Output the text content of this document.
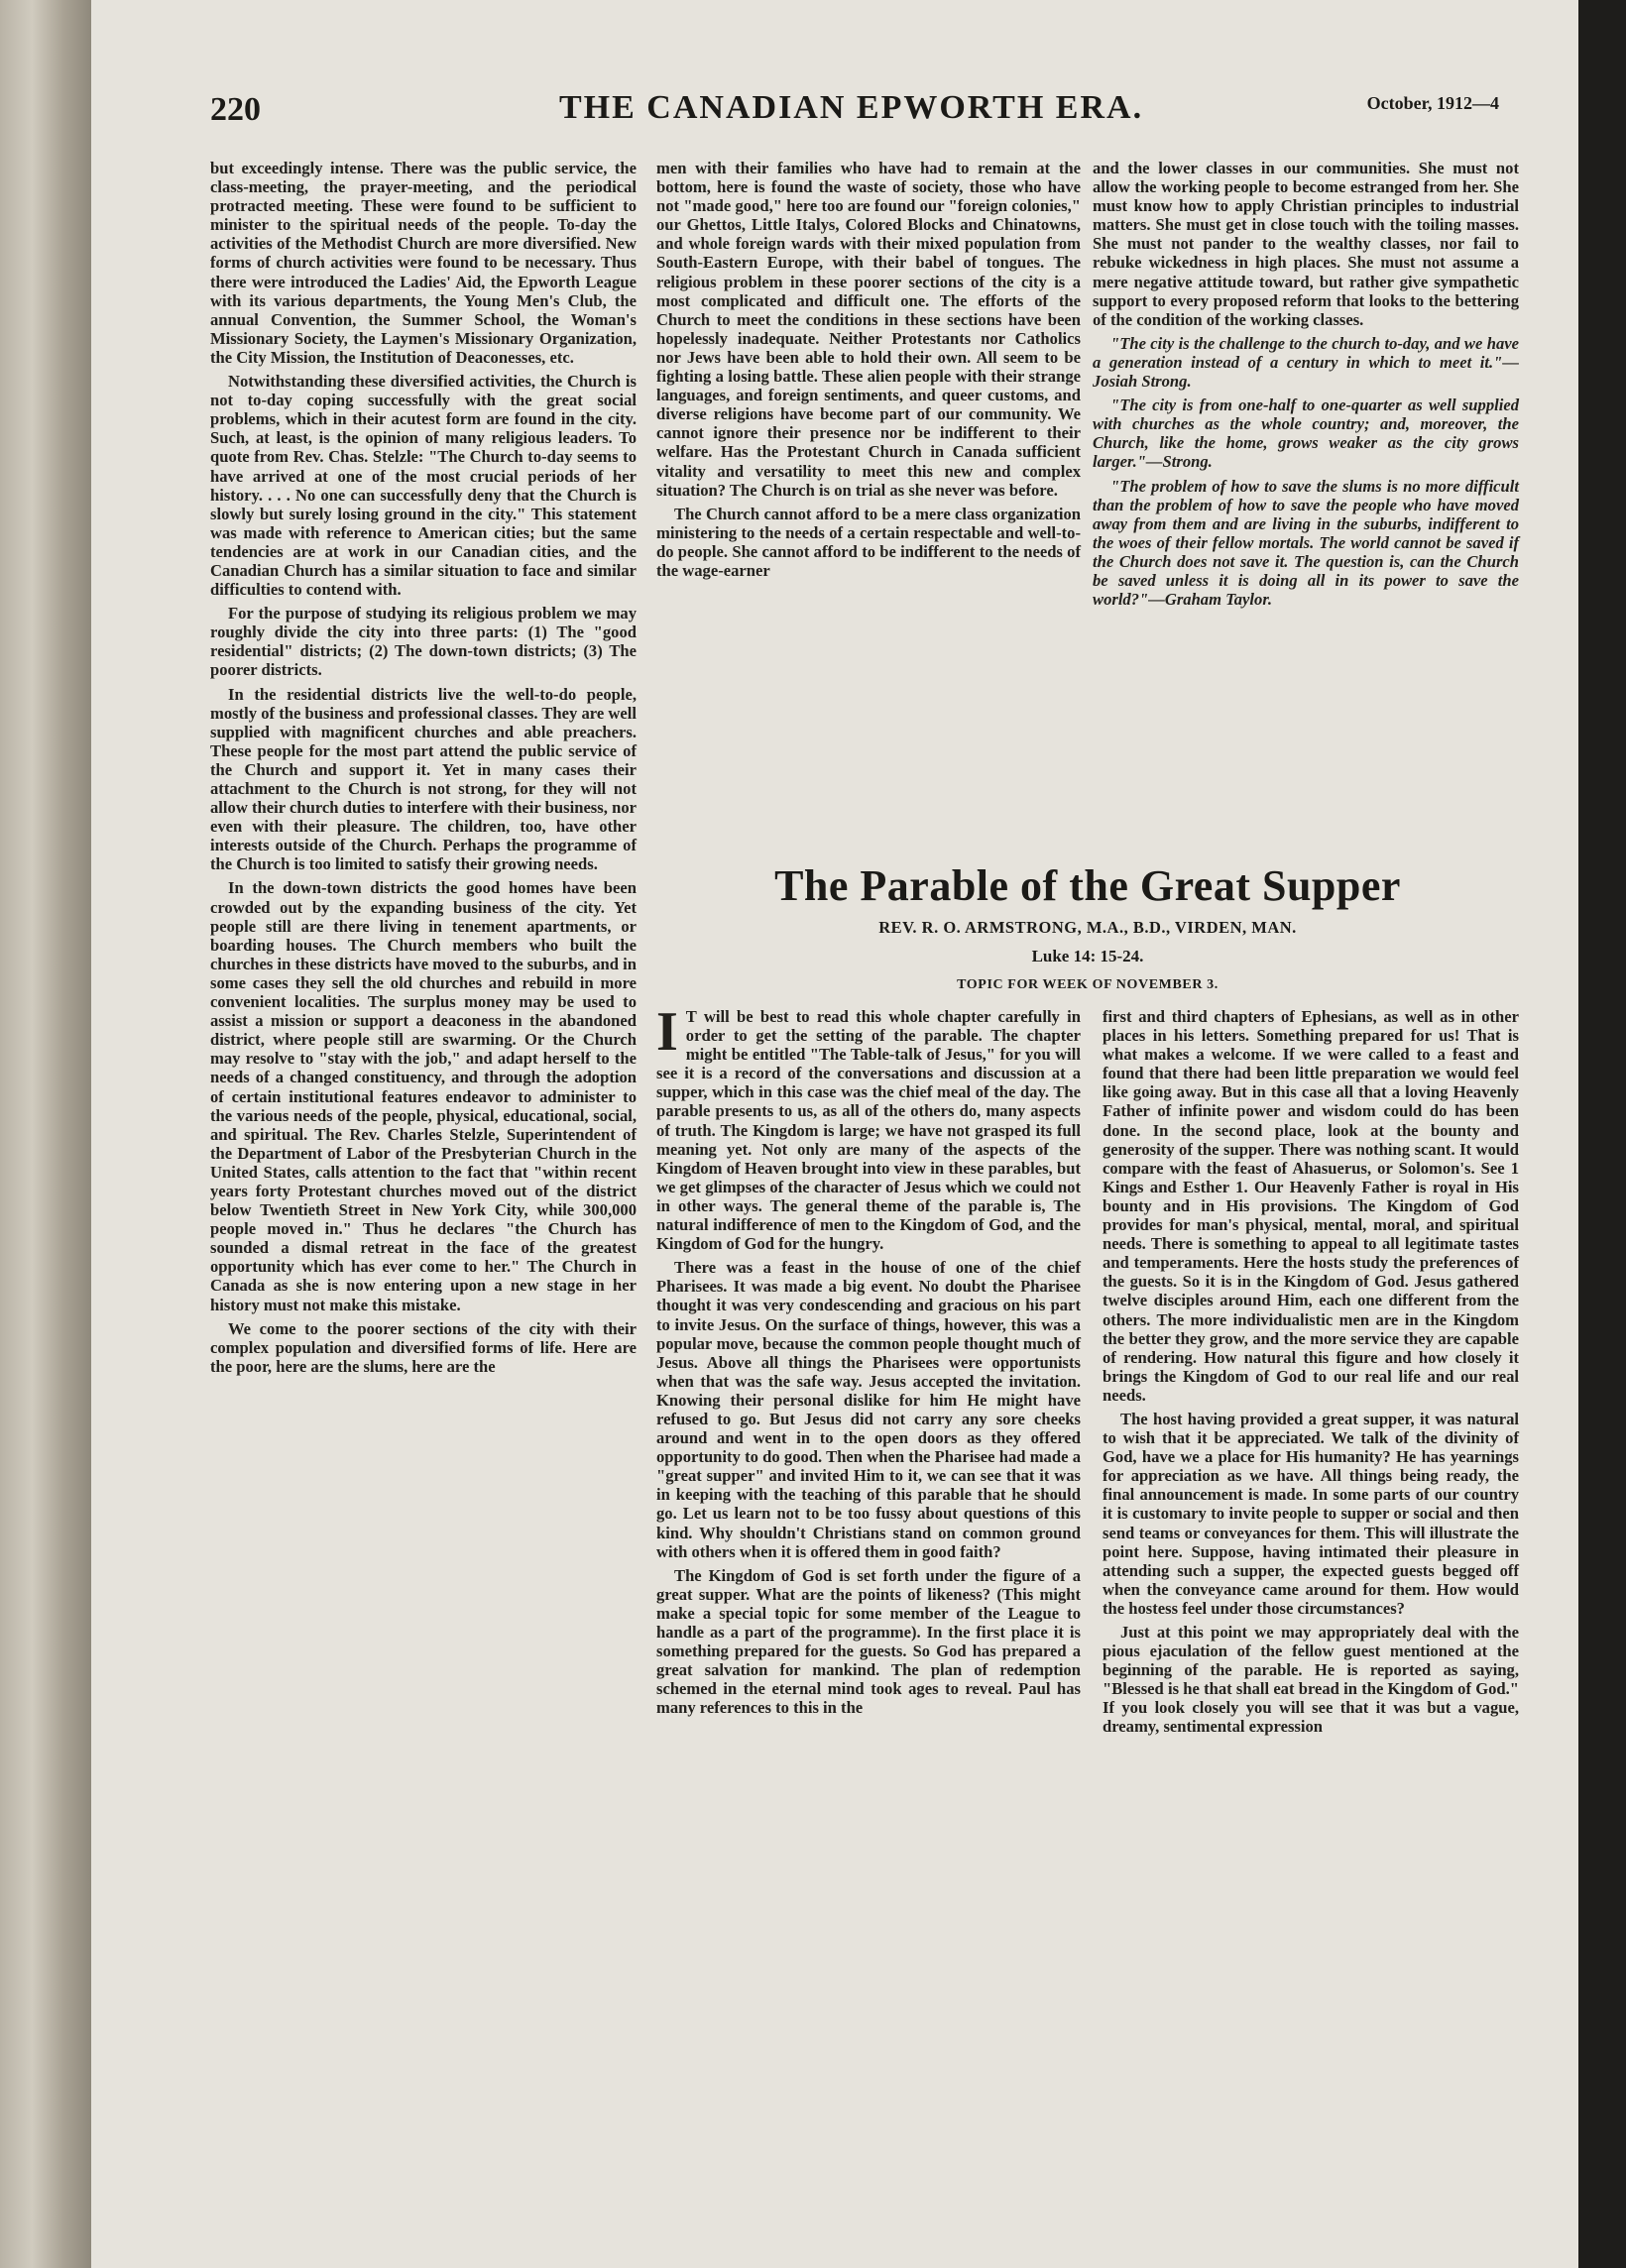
220	THE CANADIAN EPWORTH ERA.	October, 1912—4

but exceedingly intense. There was the public service, the class-meeting, the prayer-meeting, and the periodical protracted meeting. These were found to be sufficient to minister to the spiritual needs of the people. To-day the activities of the Methodist Church are more diversified. New forms of church activities were found to be necessary. Thus there were introduced the Ladies' Aid, the Epworth League with its various departments, the Young Men's Club, the annual Convention, the Summer School, the Woman's Missionary Society, the Laymen's Missionary Organization, the City Mission, the Institution of Deaconesses, etc.

Notwithstanding these diversified activities, the Church is not to-day coping successfully with the great social problems, which in their acutest form are found in the city. Such, at least, is the opinion of many religious leaders. To quote from Rev. Chas. Stelzle: "The Church to-day seems to have arrived at one of the most crucial periods of her history. . . . No one can successfully deny that the Church is slowly but surely losing ground in the city." This statement was made with reference to American cities; but the same tendencies are at work in our Canadian cities, and the Canadian Church has a similar situation to face and similar difficulties to contend with.

For the purpose of studying its religious problem we may roughly divide the city into three parts: (1) The "good residential" districts; (2) The down-town districts; (3) The poorer districts.

In the residential districts live the well-to-do people, mostly of the business and professional classes. They are well supplied with magnificent churches and able preachers. These people for the most part attend the public service of the Church and support it. Yet in many cases their attachment to the Church is not strong, for they will not allow their church duties to interfere with their business, nor even with their pleasure. The children, too, have other interests outside of the Church. Perhaps the programme of the Church is too limited to satisfy their growing needs.

In the down-town districts the good homes have been crowded out by the expanding business of the city. Yet people still are there living in tenement apartments, or boarding houses. The Church members who built the churches in these districts have moved to the suburbs, and in some cases they sell the old churches and rebuild in more convenient localities. The surplus money may be used to assist a mission or support a deaconess in the abandoned district, where people still are swarming. Or the Church may resolve to "stay with the job," and adapt herself to the needs of a changed constituency, and through the adoption of certain institutional features endeavor to administer to the various needs of the people, physical, educational, social, and spiritual. The Rev. Charles Stelzle, Superintendent of the Department of Labor of the Presbyterian Church in the United States, calls attention to the fact that "within recent years forty Protestant churches moved out of the district below Twentieth Street in New York City, while 300,000 people moved in." Thus he declares "the Church has sounded a dismal retreat in the face of the greatest opportunity which has ever come to her." The Church in Canada as she is now entering upon a new stage in her history must not make this mistake.

We come to the poorer sections of the city with their complex population and diversified forms of life. Here are the poor, here are the slums, here are the

men with their families who have had to remain at the bottom, here is found the waste of society, those who have not "made good," here too are found our "foreign colonies," our Ghettos, Little Italys, Colored Blocks and Chinatowns, and whole foreign wards with their mixed population from South-Eastern Europe, with their babel of tongues. The religious problem in these poorer sections of the city is a most complicated and difficult one. The efforts of the Church to meet the conditions in these sections have been hopelessly inadequate. Neither Protestants nor Catholics nor Jews have been able to hold their own. All seem to be fighting a losing battle. These alien people with their strange languages, and foreign sentiments, and queer customs, and diverse religions have become part of our community. We cannot ignore their presence nor be indifferent to their welfare. Has the Protestant Church in Canada sufficient vitality and versatility to meet this new and complex situation? The Church is on trial as she never was before.

The Church cannot afford to be a mere class organization ministering to the needs of a certain respectable and well-to-do people. She cannot afford to be indifferent to the needs of the wage-earner

and the lower classes in our communities. She must not allow the working people to become estranged from her. She must know how to apply Christian principles to industrial matters. She must get in close touch with the toiling masses. She must not pander to the wealthy classes, nor fail to rebuke wickedness in high places. She must not assume a mere negative attitude toward, but rather give sympathetic support to every proposed reform that looks to the bettering of the condition of the working classes.

"The city is the challenge to the church to-day, and we have a generation instead of a century in which to meet it."—Josiah Strong.

"The city is from one-half to one-quarter as well supplied with churches as the whole country; and, moreover, the Church, like the home, grows weaker as the city grows larger."—Strong.

"The problem of how to save the slums is no more difficult than the problem of how to save the people who have moved away from them and are living in the suburbs, indifferent to the woes of their fellow mortals. The world cannot be saved if the Church does not save it. The question is, can the Church be saved unless it is doing all in its power to save the world?"—Graham Taylor.

The Parable of the Great Supper
REV. R. O. ARMSTRONG, M.A., B.D., VIRDEN, MAN.
Luke 14: 15-24.
TOPIC FOR WEEK OF NOVEMBER 3.

I T will be best to read this whole chapter carefully in order to get the setting of the parable. The chapter might be entitled "The Table-talk of Jesus," for you will see it is a record of the conversations and discussion at a supper, which in this case was the chief meal of the day. The parable presents to us, as all of the others do, many aspects of truth. The Kingdom is large; we have not grasped its full meaning yet. Not only are many of the aspects of the Kingdom of Heaven brought into view in these parables, but we get glimpses of the character of Jesus which we could not in other ways. The general theme of the parable is, The natural indifference of men to the Kingdom of God, and the Kingdom of God for the hungry.

There was a feast in the house of one of the chief Pharisees. It was made a big event. No doubt the Pharisee thought it was very condescending and gracious on his part to invite Jesus. On the surface of things, however, this was a popular move, because the common people thought much of Jesus. Above all things the Pharisees were opportunists when that was the safe way. Jesus accepted the invitation. Knowing their personal dislike for him He might have refused to go. But Jesus did not carry any sore cheeks around and went in to the open doors as they offered opportunity to do good. Then when the Pharisee had made a "great supper" and invited Him to it, we can see that it was in keeping with the teaching of this parable that he should go. Let us learn not to be too fussy about questions of this kind. Why shouldn't Christians stand on common ground with others when it is offered them in good faith?

The Kingdom of God is set forth under the figure of a great supper. What are the points of likeness? (This might make a special topic for some member of the League to handle as a part of the programme). In the first place it is something prepared for the guests. So God has prepared a great salvation for mankind. The plan of redemption schemed in the eternal mind took ages to reveal. Paul has many references to this in the

first and third chapters of Ephesians, as well as in other places in his letters. Something prepared for us! That is what makes a welcome. If we were called to a feast and found that there had been little preparation we would feel like going away. But in this case all that a loving Heavenly Father of infinite power and wisdom could do has been done. In the second place, look at the bounty and generosity of the supper. There was nothing scant. It would compare with the feast of Ahasuerus, or Solomon's. See 1 Kings and Esther 1. Our Heavenly Father is royal in His bounty and in His provisions. The Kingdom of God provides for man's physical, mental, moral, and spiritual needs. There is something to appeal to all legitimate tastes and temperaments. Here the hosts study the preferences of the guests. So it is in the Kingdom of God. Jesus gathered twelve disciples around Him, each one different from the others. The more individualistic men are in the Kingdom the better they grow, and the more service they are capable of rendering. How natural this figure and how closely it brings the Kingdom of God to our real life and our real needs.

The host having provided a great supper, it was natural to wish that it be appreciated. We talk of the divinity of God, have we a place for His humanity? He has yearnings for appreciation as we have. All things being ready, the final announcement is made. In some parts of our country it is customary to invite people to supper or social and then send teams or conveyances for them. This will illustrate the point here. Suppose, having intimated their pleasure in attending such a supper, the expected guests begged off when the conveyance came around for them. How would the hostess feel under those circumstances?

Just at this point we may appropriately deal with the pious ejaculation of the fellow guest mentioned at the beginning of the parable. He is reported as saying, "Blessed is he that shall eat bread in the Kingdom of God." If you look closely you will see that it was but a vague, dreamy, sentimental expression
